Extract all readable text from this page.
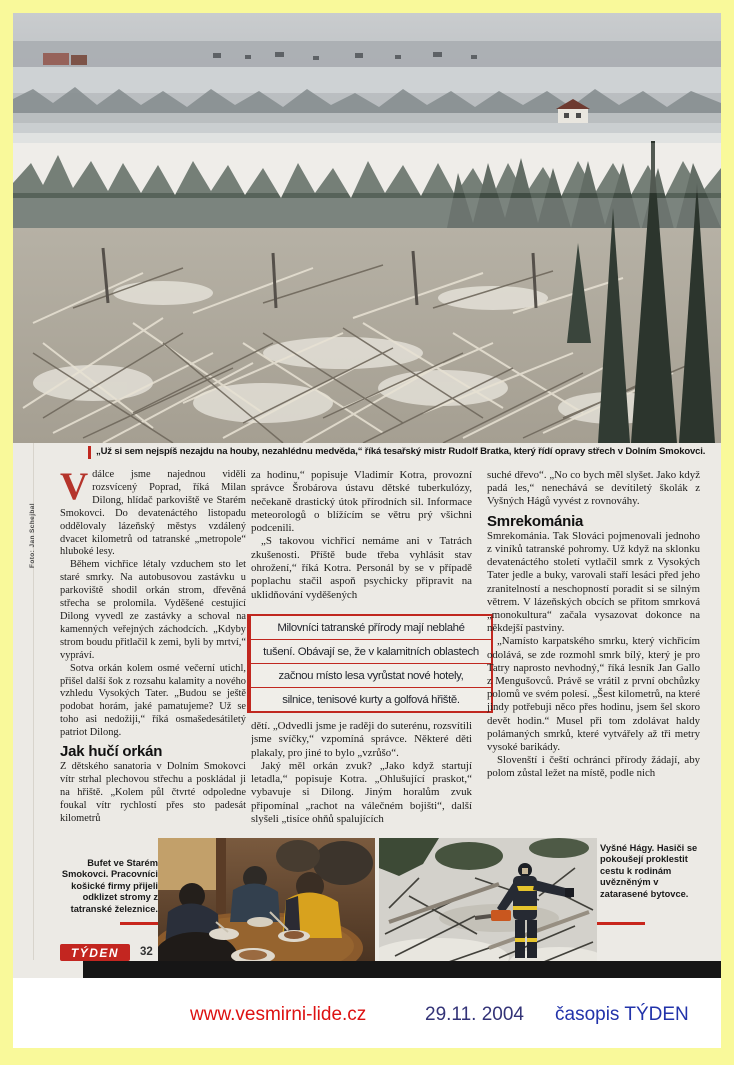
„Už si sem nejspíš nezajdu na houby, nezahlédnu medvěda,“ říká tesařský mistr Rudolf Bratka, který řídí opravy střech v Dolním Smokovci.
Foto: Jan Schejbal

Vdálce jsme najednou viděli rozsvícený Poprad, říká Milan Dilong, hlídač parkoviště ve Starém Smokovci. Do devatenáctého listopadu oddělovaly lázeňský městys vzdálený dvacet kilometrů od tatranské „metropole“ hluboké lesy.

Během vichřice létaly vzduchem sto let staré smrky. Na autobusovou zastávku u parkoviště shodil orkán strom, dřevěná střecha se prolomila. Vyděšené cestující Dilong vyvedl ze zastávky a schoval na kamenných veřejných záchodcích. „Kdyby strom boudu přitlačil k zemi, byli by mrtví,“ vypráví.

Sotva orkán kolem osmé večerní utichl, přišel další šok z rozsahu kalamity a nového vzhledu Vysokých Tater. „Budou se ještě podobat horám, jaké pamatujeme? Už se toho asi nedožiji,“ říká osmašedesátiletý patriot Dilong.

Jak hučí orkán

Z dětského sanatoria v Dolním Smokovci vítr strhal plechovou střechu a poskládal ji na hřiště. „Kolem půl čtvrté odpoledne foukal vítr rychlostí přes sto padesát kilometrů

za hodinu,“ popisuje Vladimír Kotra, provozní správce Šrobárova ústavu dětské tuberkulózy, nečekaně drastický útok přírodních sil. Informace meteorologů o blížícím se větru prý všichni podcenili.

„S takovou vichřicí nemáme ani v Tatrách zkušenosti. Příště bude třeba vyhlásit stav ohrožení,“ říká Kotra. Personál by se v případě poplachu stačil aspoň psychicky připravit na uklidňování vyděšených

Milovníci tatranské přírody mají neblahé
tušení. Obávají se, že v kalamitních oblastech
začnou místo lesa vyrůstat nové hotely,
silnice, tenisové kurty a golfová hřiště.

dětí. „Odvedli jsme je raději do suterénu, rozsvítili jsme svíčky,“ vzpomíná správce. Některé děti plakaly, pro jiné to bylo „vzrůšo“.

Jaký měl orkán zvuk? „Jako když startují letadla,“ popisuje Kotra. „Ohlušující praskot,“ vybavuje si Dilong. Jiným horalům zvuk připomínal „rachot na válečném bojišti“, další slyšeli „tisíce ohňů spalujících

suché dřevo“. „No co bych měl slyšet. Jako když padá les,“ nenechává se devítiletý školák z Vyšných Hágů vyvést z rovnováhy.

Smrekománia

Smrekománia. Tak Slováci pojmenovali jednoho z viníků tatranské pohromy. Už když na sklonku devatenáctého století vytlačil smrk z Vysokých Tater jedle a buky, varovali staří lesáci před jeho zranitelností a neschopností poradit si se silným větrem. V lázeňských obcích se přitom smrková „monokultura“ začala vysazovat dokonce na někdejší pastviny.

„Namísto karpatského smrku, který vichřicím odolává, se zde rozmohl smrk bílý, který je pro Tatry naprosto nevhodný,“ říká lesník Jan Gallo z Mengušovců. Právě se vrátil z první obchůzky polomů ve svém polesí. „Šest kilometrů, na které jindy potřebuji něco přes hodinu, jsem šel skoro devět hodin.“ Musel při tom zdolávat haldy polámaných smrků, které vytvářely až tři metry vysoké barikády.

Slovenští i čeští ochránci přírody žádají, aby polom zůstal ležet na místě, podle nich

Bufet ve Starém Smokovci. Pracovníci košické firmy přijeli odklizet stromy z tatranské železnice.
Vyšné Hágy. Hasiči se pokoušejí proklestit cestu k rodinám uvězněným v zatarasené bytovce.
TÝDEN	32
www.vesmirni-lide.cz	29.11. 2004 časopis TÝDEN
